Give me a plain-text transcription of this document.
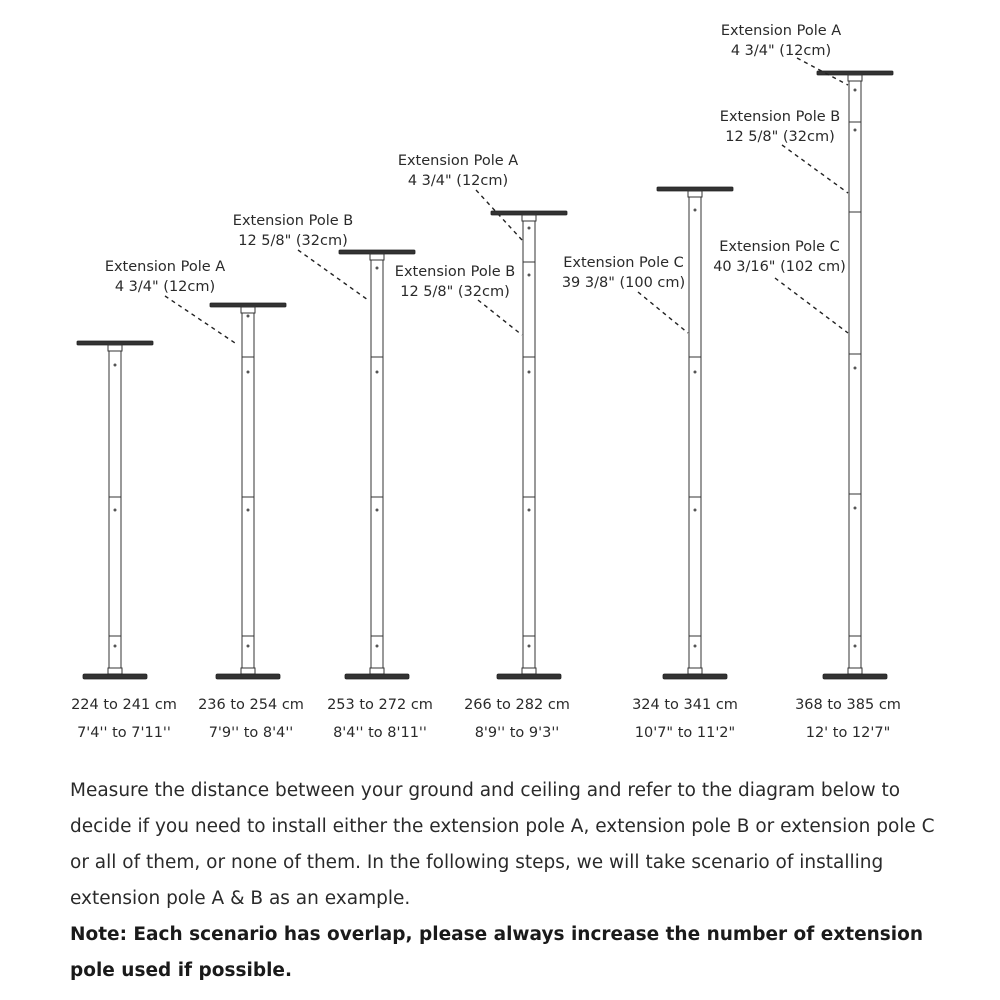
Extension Pole A
4 3/4" (12cm)
Extension Pole B
12 5/8" (32cm)
Extension Pole A
4 3/4" (12cm)
Extension Pole B
12 5/8" (32cm)
Extension Pole C
39 3/8" (100 cm)
Extension Pole A
4 3/4" (12cm)
Extension Pole B
12 5/8" (32cm)
Extension Pole C
40 3/16" (102 cm)
224 to 241 cm
7'4'' to 7'11''
236 to 254 cm
7'9'' to 8'4''
253 to 272 cm
8'4'' to 8'11''
266 to 282 cm
8'9'' to 9'3''
324 to 341 cm
10'7" to 11'2"
368 to 385 cm
12' to 12'7"

Measure the distance between your ground and ceiling and refer to the diagram below to decide if you need to install either the extension pole A, extension pole B or extension pole C or all of them, or none of them. In the following steps, we will take scenario of installing extension pole A & B as an example.

Note: Each scenario has overlap, please always increase the number of extension pole used if possible.
